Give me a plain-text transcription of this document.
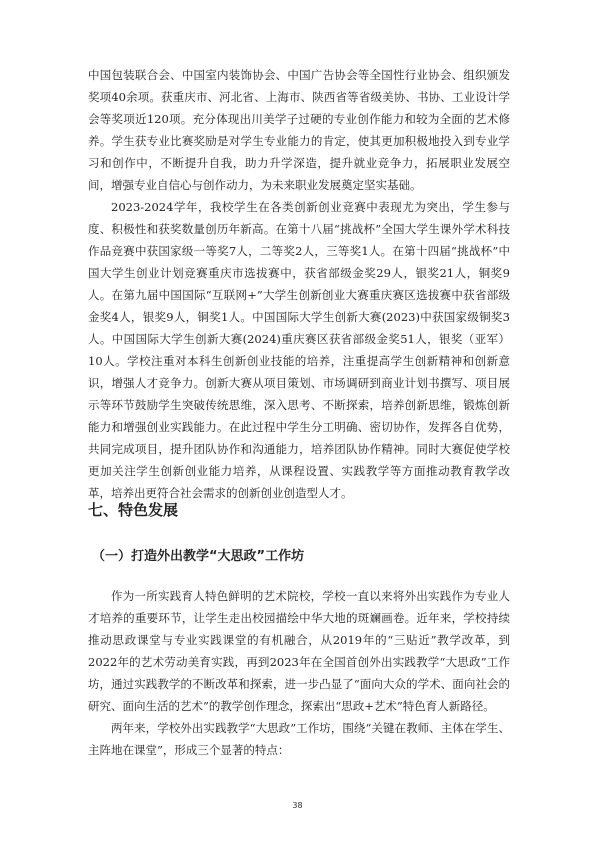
中国包装联合会、中国室内装饰协会、中国广告协会等全国性行业协会、组织颁发奖项40余项。获重庆市、河北省、上海市、陕西省等省级美协、书协、工业设计学会等奖项近120项。充分体现出川美学子过硬的专业创作能力和较为全面的艺术修养。学生获专业比赛奖励是对学生专业能力的肯定，使其更加积极地投入到专业学习和创作中，不断提升自我，助力升学深造，提升就业竞争力，拓展职业发展空间，增强专业自信心与创作动力，为未来职业发展奠定坚实基础。

2023-2024学年，我校学生在各类创新创业竞赛中表现尤为突出，学生参与度、积极性和获奖数量创历年新高。在第十八届“挑战杯”全国大学生课外学术科技作品竞赛中获国家级一等奖7人，二等奖2人，三等奖1人。在第十四届“挑战杯”中国大学生创业计划竞赛重庆市选拔赛中，获省部级金奖29人，银奖21人，铜奖9人。在第九届中国国际“互联网+”大学生创新创业大赛重庆赛区选拔赛中获省部级金奖4人，银奖9人，铜奖1人。中国国际大学生创新大赛(2023)中获国家级铜奖3人。中国国际大学生创新大赛(2024)重庆赛区获省部级金奖51人，银奖（亚军）10人。学校注重对本科生创新创业技能的培养，注重提高学生创新精神和创新意识，增强人才竞争力。创新大赛从项目策划、市场调研到商业计划书撰写、项目展示等环节鼓励学生突破传统思维，深入思考、不断探索，培养创新思维，锻炼创新能力和增强创业实践能力。在此过程中学生分工明确、密切协作，发挥各自优势，共同完成项目，提升团队协作和沟通能力，培养团队协作精神。同时大赛促使学校更加关注学生创新创业能力培养，从课程设置、实践教学等方面推动教育教学改革，培养出更符合社会需求的创新创业创造型人才。

七、特色发展
（一）打造外出教学“大思政”工作坊

作为一所实践育人特色鲜明的艺术院校，学校一直以来将外出实践作为专业人才培养的重要环节，让学生走出校园描绘中华大地的斑斓画卷。近年来，学校持续推动思政课堂与专业实践课堂的有机融合，从2019年的“三贴近”教学改革，到2022年的艺术劳动美育实践，再到2023年在全国首创外出实践教学“大思政”工作坊，通过实践教学的不断改革和探索，进一步凸显了“面向大众的学术、面向社会的研究、面向生活的艺术”的教学创作理念，探索出“思政+艺术”特色育人新路径。

两年来，学校外出实践教学“大思政”工作坊，围绕“关键在教师、主体在学生、主阵地在课堂”，形成三个显著的特点：

38
